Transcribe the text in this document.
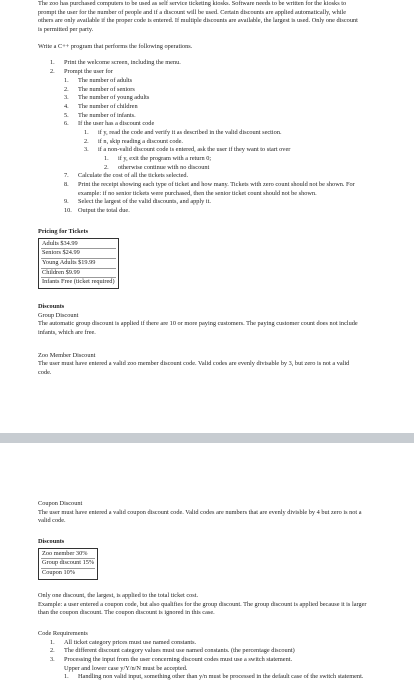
The zoo has purchased computers to be used as self service ticketing kiosks. Software needs to be written for the kiosks to prompt the user for the number of people and if a discount will be used. Certain discounts are applied automatically, while others are only available if the proper code is entered. If multiple discounts are available, the largest is used. Only one discount is permitted per party.

Write a C++ program that performs the following operations.

1. Print the welcome screen, including the menu.
2. Prompt the user for
1. The number of adults
2. The number of seniors
3. The number of young adults
4. The number of children
5. The number of infants.
6. If the user has a discount code
1. if y, read the code and verify it as described in the valid discount section.
2. if n, skip reading a discount code.
3. if a non-valid discount code is entered, ask the user if they want to start over
1. if y, exit the program with a return 0;
2. otherwise continue with no discount
7. Calculate the cost of all the tickets selected.
8. Print the receipt showing each type of ticket and how many. Tickets with zero count should not be shown. For example: if no senior tickets were purchased, then the senior ticket count should not be shown.
9. Select the largest of the valid discounts, and apply it.
10. Output the total due.

Pricing for Tickets

Adults $34.99
Seniors $24.99
Young Adults $19.99
Children $9.99
Infants Free (ticket required)

Discounts

Group Discount

The automatic group discount is applied if there are 10 or more paying customers. The paying customer count does not include infants, which are free.

Zoo Member Discount

The user must have entered a valid zoo member discount code. Valid codes are evenly divisable by 3, but zero is not a valid code.

Coupon Discount

The user must have entered a valid coupon discount code. Valid codes are numbers that are evenly divisble by 4 but zero is not a valid code.

Discounts

Zoo member 30%
Group discount 15%
Coupon 10%

Only one discount, the largest, is applied to the total ticket cost.

Example: a user entered a coupon code, but also qualifies for the group discount. The group discount is applied because it is larger than the coupon discount. The coupon discount is ignored in this case.

Code Requirements

1. All ticket category prices must use named constants.
2. The different discount category values must use named constants. (the percentage discount)
3. Processing the input from the user concerning discount codes must use a switch statement.
Upper and lower case y/Y/n/N must be accepted.
1. Handling non valid input, something other than y/n must be processed in the default case of the switch statement.
